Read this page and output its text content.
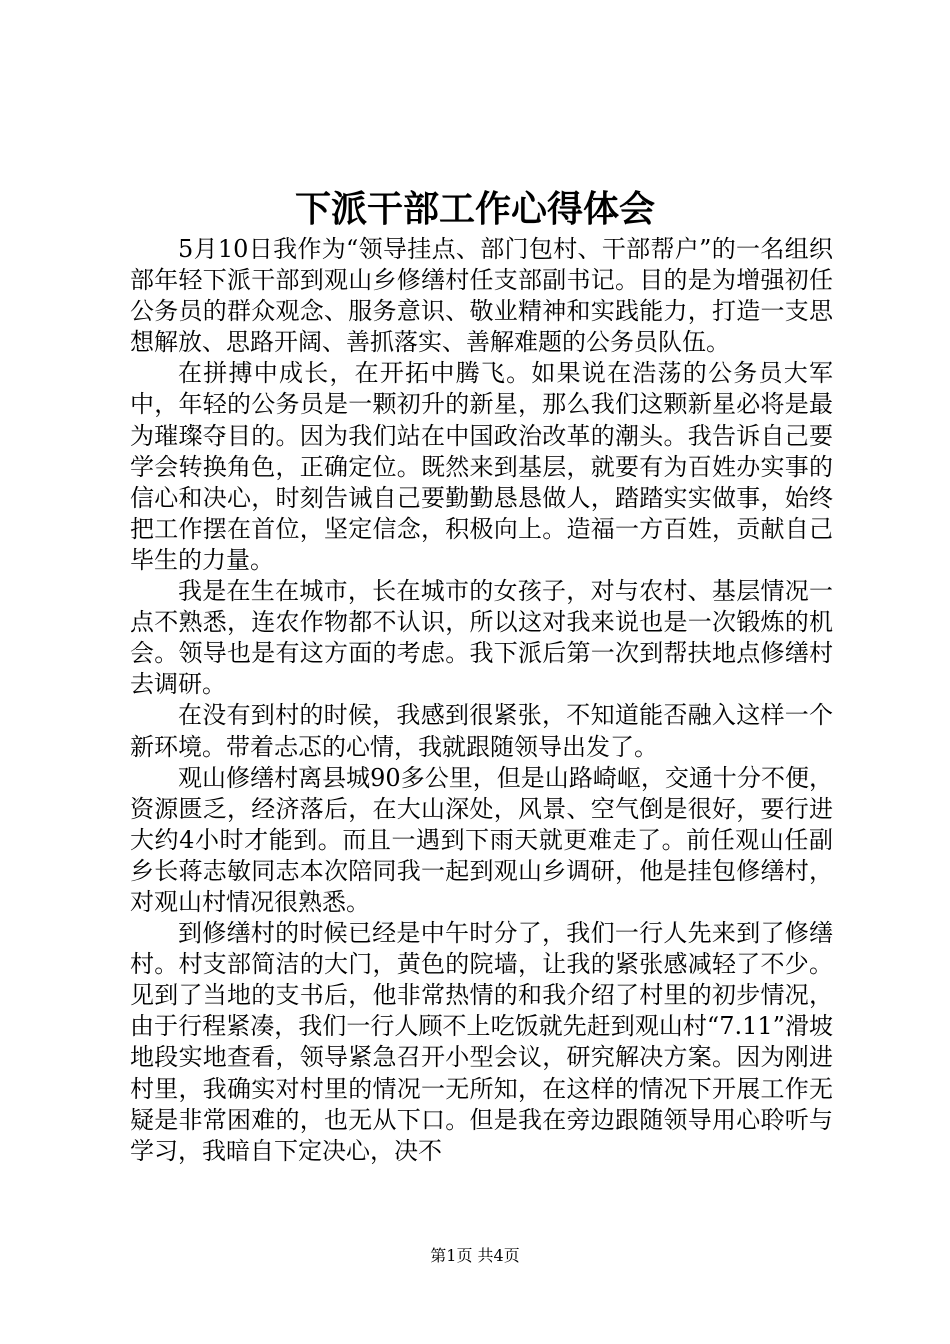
下派干部工作心得体会

5月10日我作为“领导挂点、部门包村、干部帮户”的一名组织部年轻下派干部到观山乡修缮村任支部副书记。目的是为增强初任公务员的群众观念、服务意识、敬业精神和实践能力，打造一支思想解放、思路开阔、善抓落实、善解难题的公务员队伍。

在拼搏中成长，在开拓中腾飞。如果说在浩荡的公务员大军中，年轻的公务员是一颗初升的新星，那么我们这颗新星必将是最为璀璨夺目的。因为我们站在中国政治改革的潮头。我告诉自己要学会转换角色，正确定位。既然来到基层，就要有为百姓办实事的信心和决心，时刻告诫自己要勤勤恳恳做人，踏踏实实做事，始终把工作摆在首位，坚定信念，积极向上。造福一方百姓，贡献自己毕生的力量。

我是在生在城市，长在城市的女孩子，对与农村、基层情况一点不熟悉，连农作物都不认识，所以这对我来说也是一次锻炼的机会。领导也是有这方面的考虑。我下派后第一次到帮扶地点修缮村去调研。

在没有到村的时候，我感到很紧张，不知道能否融入这样一个新环境。带着忐忑的心情，我就跟随领导出发了。

观山修缮村离县城90多公里，但是山路崎岖，交通十分不便，资源匮乏，经济落后，在大山深处，风景、空气倒是很好，要行进大约4小时才能到。而且一遇到下雨天就更难走了。前任观山任副乡长蒋志敏同志本次陪同我一起到观山乡调研，他是挂包修缮村，对观山村情况很熟悉。

到修缮村的时候已经是中午时分了，我们一行人先来到了修缮村。村支部简洁的大门，黄色的院墙，让我的紧张感减轻了不少。见到了当地的支书后，他非常热情的和我介绍了村里的初步情况，由于行程紧凑，我们一行人顾不上吃饭就先赶到观山村“7.11”滑坡地段实地查看，领导紧急召开小型会议，研究解决方案。因为刚进村里，我确实对村里的情况一无所知，在这样的情况下开展工作无疑是非常困难的，也无从下口。但是我在旁边跟随领导用心聆听与学习，我暗自下定决心，决不

第1页 共4页
